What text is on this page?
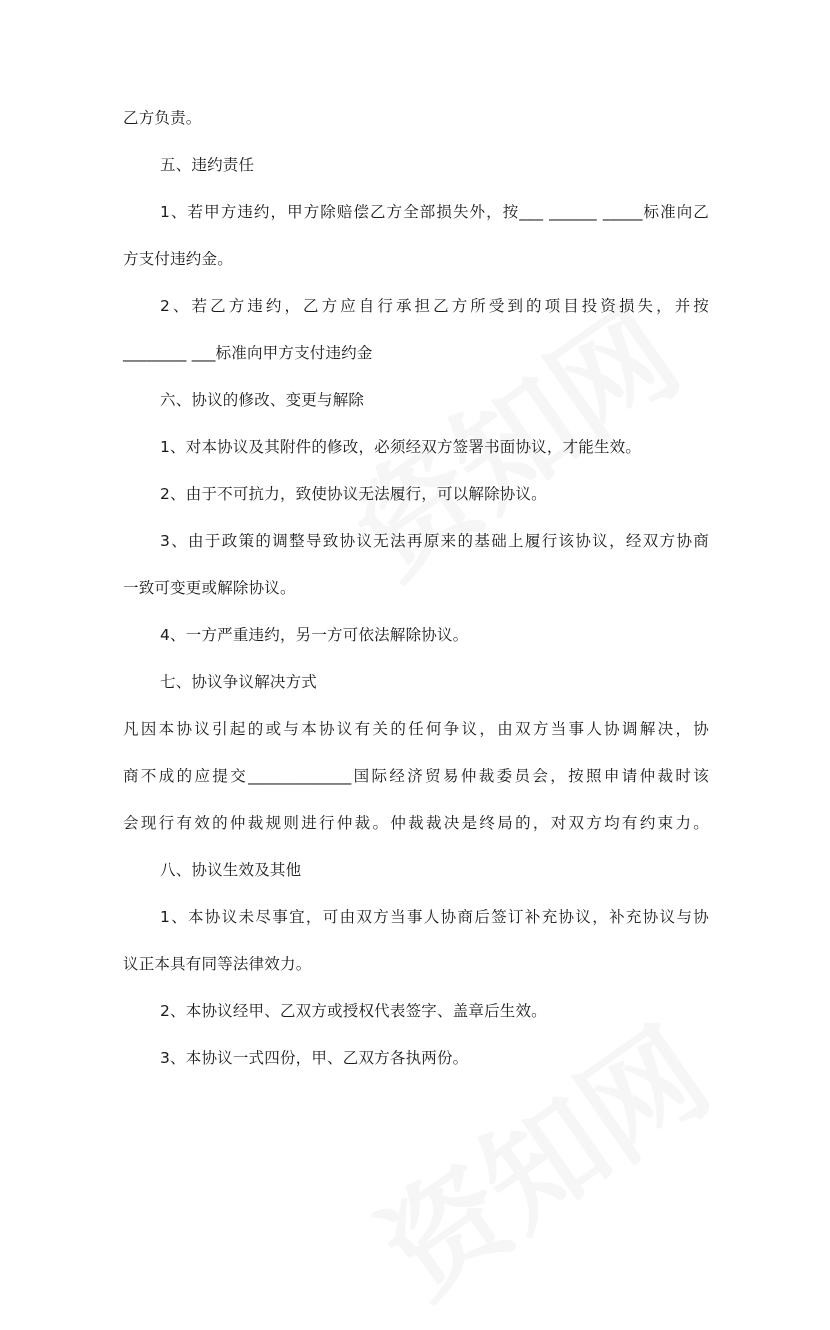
乙方负责。
五、违约责任
1、若甲方违约，甲方除赔偿乙方全部损失外，按___ ______ _____标准向乙
方支付违约金。
2、若乙方违约，乙方应自行承担乙方所受到的项目投资损失，并按
________ ___标准向甲方支付违约金
六、协议的修改、变更与解除
1、对本协议及其附件的修改，必须经双方签署书面协议，才能生效。
2、由于不可抗力，致使协议无法履行，可以解除协议。
3、由于政策的调整导致协议无法再原来的基础上履行该协议，经双方协商
一致可变更或解除协议。
4、一方严重违约，另一方可依法解除协议。
七、协议争议解决方式
凡因本协议引起的或与本协议有关的任何争议，由双方当事人协调解决，协
商不成的应提交_____________国际经济贸易仲裁委员会，按照申请仲裁时该
会现行有效的仲裁规则进行仲裁。仲裁裁决是终局的，对双方均有约束力。
八、协议生效及其他
1、本协议未尽事宜，可由双方当事人协商后签订补充协议，补充协议与协
议正本具有同等法律效力。
2、本协议经甲、乙双方或授权代表签字、盖章后生效。
3、本协议一式四份，甲、乙双方各执两份。
